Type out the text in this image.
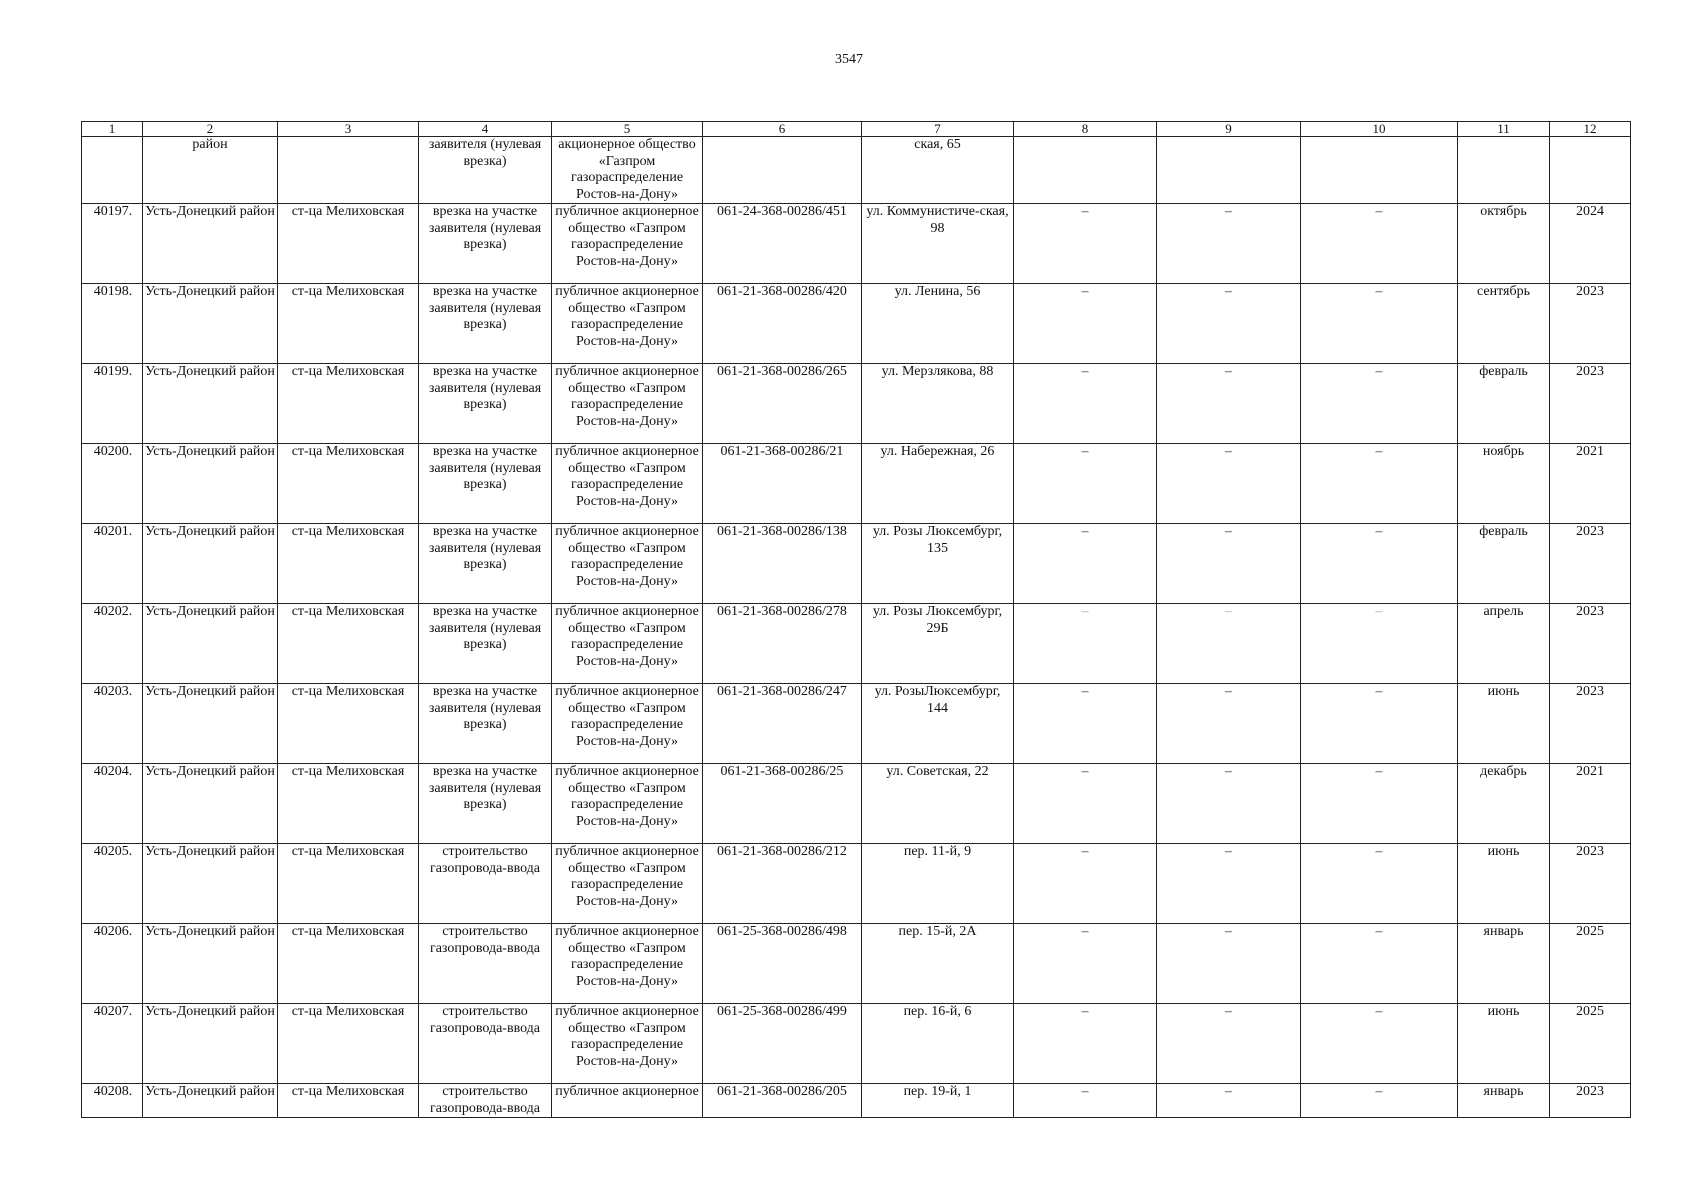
3547
1	2	3	4	5	6	7	8	9	10	11	12
	район		заявителя (нулевая врезка)	акционерное общество «Газпром газораспределение Ростов-на-Дону»		ская, 65					
40197.	Усть-Донецкий район	ст-ца Мелиховская	врезка на участке заявителя (нулевая врезка)	публичное акционерное общество «Газпром газораспределение Ростов-на-Дону»	061-24-368-00286/451	ул. Коммунистиче-ская, 98	–	–	–	октябрь	2024
40198.	Усть-Донецкий район	ст-ца Мелиховская	врезка на участке заявителя (нулевая врезка)	публичное акционерное общество «Газпром газораспределение Ростов-на-Дону»	061-21-368-00286/420	ул. Ленина, 56	–	–	–	сентябрь	2023
40199.	Усть-Донецкий район	ст-ца Мелиховская	врезка на участке заявителя (нулевая врезка)	публичное акционерное общество «Газпром газораспределение Ростов-на-Дону»	061-21-368-00286/265	ул. Мерзлякова, 88	–	–	–	февраль	2023
40200.	Усть-Донецкий район	ст-ца Мелиховская	врезка на участке заявителя (нулевая врезка)	публичное акционерное общество «Газпром газораспределение Ростов-на-Дону»	061-21-368-00286/21	ул. Набережная, 26	–	–	–	ноябрь	2021
40201.	Усть-Донецкий район	ст-ца Мелиховская	врезка на участке заявителя (нулевая врезка)	публичное акционерное общество «Газпром газораспределение Ростов-на-Дону»	061-21-368-00286/138	ул. Розы Люксембург, 135	–	–	–	февраль	2023
40202.	Усть-Донецкий район	ст-ца Мелиховская	врезка на участке заявителя (нулевая врезка)	публичное акционерное общество «Газпром газораспределение Ростов-на-Дону»	061-21-368-00286/278	ул. Розы Люксембург, 29Б	–	–	–	апрель	2023
40203.	Усть-Донецкий район	ст-ца Мелиховская	врезка на участке заявителя (нулевая врезка)	публичное акционерное общество «Газпром газораспределение Ростов-на-Дону»	061-21-368-00286/247	ул. РозыЛюксембург, 144	–	–	–	июнь	2023
40204.	Усть-Донецкий район	ст-ца Мелиховская	врезка на участке заявителя (нулевая врезка)	публичное акционерное общество «Газпром газораспределение Ростов-на-Дону»	061-21-368-00286/25	ул. Советская, 22	–	–	–	декабрь	2021
40205.	Усть-Донецкий район	ст-ца Мелиховская	строительство газопровода-ввода	публичное акционерное общество «Газпром газораспределение Ростов-на-Дону»	061-21-368-00286/212	пер. 11-й, 9	–	–	–	июнь	2023
40206.	Усть-Донецкий район	ст-ца Мелиховская	строительство газопровода-ввода	публичное акционерное общество «Газпром газораспределение Ростов-на-Дону»	061-25-368-00286/498	пер. 15-й, 2А	–	–	–	январь	2025
40207.	Усть-Донецкий район	ст-ца Мелиховская	строительство газопровода-ввода	публичное акционерное общество «Газпром газораспределение Ростов-на-Дону»	061-25-368-00286/499	пер. 16-й, 6	–	–	–	июнь	2025
40208.	Усть-Донецкий район	ст-ца Мелиховская	строительство газопровода-ввода	публичное акционерное	061-21-368-00286/205	пер. 19-й, 1	–	–	–	январь	2023
